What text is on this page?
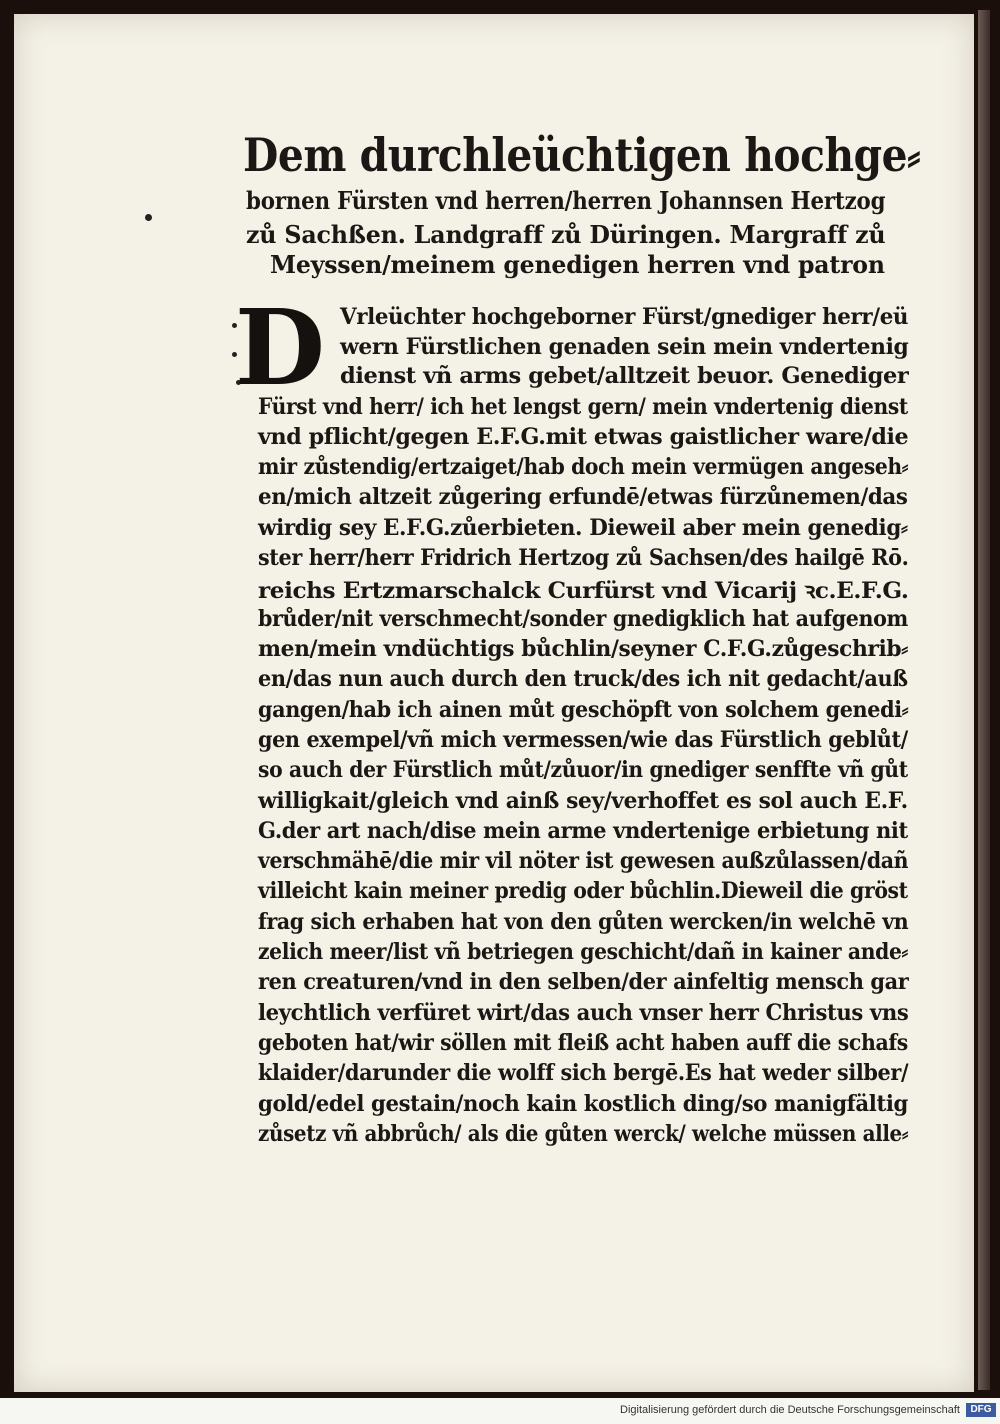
Dem durchleüchtigen hochge⸗
bornen Fürsten vnd herren/herren Johannsen Hertzog
zů Sachßen. Landgraff zů Düringen. Margraff zů
Meyssen/meinem genedigen herren vnd patron
D Vrleüchter hochgeborner Fürst/gnediger herr/eü
wern Fürstlichen genaden sein mein vndertenig
dienst vñ arms gebet/alltzeit beuor. Genediger
Fürst vnd herr/ ich het lengst gern/ mein vndertenig dienst
vnd pflicht/gegen E.F.G.mit etwas gaistlicher ware/die
mir zůstendig/ertzaiget/hab doch mein vermügen angeseh⸗
en/mich altzeit zůgering erfundē/etwas fürzůnemen/das
wirdig sey E.F.G.zůerbieten. Dieweil aber mein genedig⸗
ster herr/herr Fridrich Hertzog zů Sachsen/des hailgē Rō.
reichs Ertzmarschalck Curfürst vnd Vicarij ꝛc.E.F.G.
brůder/nit verschmecht/sonder gnedigklich hat aufgenom
men/mein vndüchtigs bůchlin/seyner C.F.G.zůgeschrib⸗
en/das nun auch durch den truck/des ich nit gedacht/auß
gangen/hab ich ainen můt geschöpft von solchem genedi⸗
gen exempel/vñ mich vermessen/wie das Fürstlich geblůt/
so auch der Fürstlich můt/zůuor/in gnediger senffte vñ gůt
willigkait/gleich vnd ainß sey/verhoffet es sol auch E.F.
G.der art nach/dise mein arme vndertenige erbietung nit
verschmähē/die mir vil nöter ist gewesen außzůlassen/dañ
villeicht kain meiner predig oder bůchlin.Dieweil die gröst
frag sich erhaben hat von den gůten wercken/in welchē vn
zelich meer/list vñ betriegen geschicht/dañ in kainer ande⸗
ren creaturen/vnd in den selben/der ainfeltig mensch gar
leychtlich verfüret wirt/das auch vnser herr Christus vns
geboten hat/wir söllen mit fleiß acht haben auff die schafs
klaider/darunder die wolff sich bergē.Es hat weder silber/
gold/edel gestain/noch kain kostlich ding/so manigfältig
zůsetz vñ abbrůch/ als die gůten werck/ welche müssen alle⸗
Digitalisierung gefördert durch die Deutsche Forschungsgemeinschaft	DFG
